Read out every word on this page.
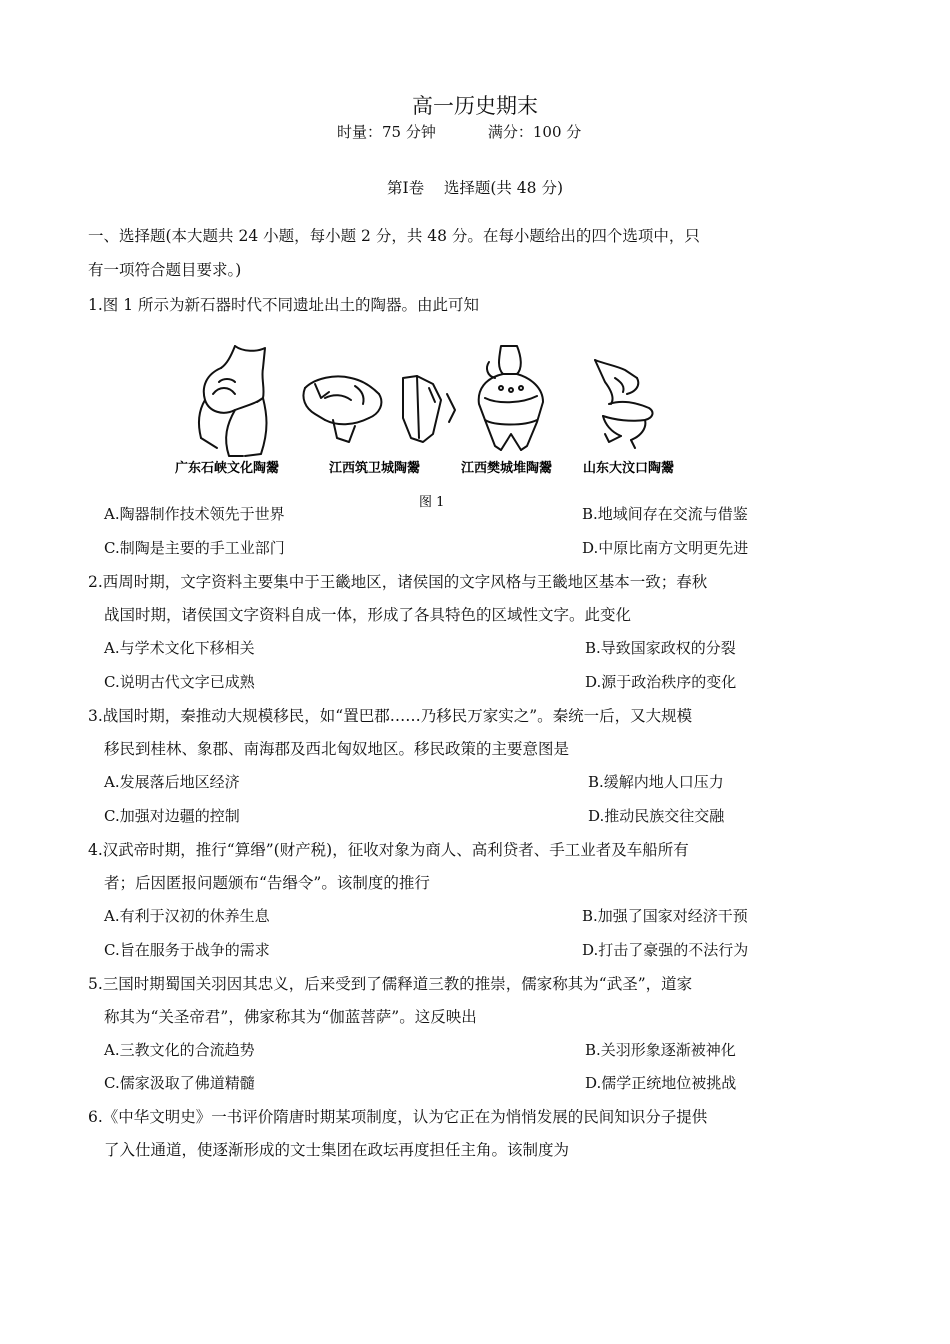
高一历史期末
时量：75 分钟	满分：100 分
第Ⅰ卷    选择题(共 48 分)
一、选择题(本大题共 24 小题，每小题 2 分，共 48 分。在每小题给出的四个选项中，只
有一项符合题目要求。)
1.图 1 所示为新石器时代不同遗址出土的陶器。由此可知
广东石峡文化陶鬶	江西筑卫城陶鬶	江西樊城堆陶鬶 山东大汶口陶鬶
图 1
A.陶器制作技术领先于世界	B.地域间存在交流与借鉴
C.制陶是主要的手工业部门	D.中原比南方文明更先进
2.西周时期，文字资料主要集中于王畿地区，诸侯国的文字风格与王畿地区基本一致；春秋
战国时期，诸侯国文字资料自成一体，形成了各具特色的区域性文字。此变化
A.与学术文化下移相关	B.导致国家政权的分裂
C.说明古代文字已成熟	D.源于政治秩序的变化
3.战国时期，秦推动大规模移民，如“置巴郡……乃移民万家实之”。秦统一后，又大规模
移民到桂林、象郡、南海郡及西北匈奴地区。移民政策的主要意图是
A.发展落后地区经济	B.缓解内地人口压力
C.加强对边疆的控制	D.推动民族交往交融
4.汉武帝时期，推行“算缗”(财产税)，征收对象为商人、高利贷者、手工业者及车船所有
者；后因匿报问题颁布“告缗令”。该制度的推行
A.有利于汉初的休养生息	B.加强了国家对经济干预
C.旨在服务于战争的需求	D.打击了豪强的不法行为
5.三国时期蜀国关羽因其忠义，后来受到了儒释道三教的推崇，儒家称其为“武圣”，道家
称其为“关圣帝君”，佛家称其为“伽蓝菩萨”。这反映出
A.三教文化的合流趋势	B.关羽形象逐渐被神化
C.儒家汲取了佛道精髓	D.儒学正统地位被挑战
6.《中华文明史》一书评价隋唐时期某项制度，认为它正在为悄悄发展的民间知识分子提供
了入仕通道，使逐渐形成的文士集团在政坛再度担任主角。该制度为
